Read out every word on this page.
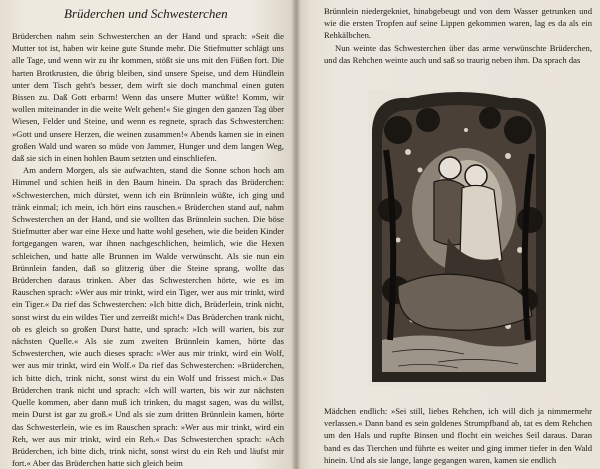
Brüderchen und Schwesterchen

Brüderchen nahm sein Schwesterchen an der Hand und sprach: »Seit die Mutter tot ist, haben wir keine gute Stunde mehr. Die Stiefmutter schlägt uns alle Tage, und wenn wir zu ihr kommen, stößt sie uns mit den Füßen fort. Die harten Brotkrusten, die übrig bleiben, sind unsere Speise, und dem Hündlein unter dem Tisch geht's besser, dem wirft sie doch manchmal einen guten Bissen zu. Daß Gott erbarm! Wenn das unsere Mutter wüßte! Komm, wir wollen miteinander in die weite Welt gehen!« Sie gingen den ganzen Tag über Wiesen, Felder und Steine, und wenn es regnete, sprach das Schwesterchen: »Gott und unsere Herzen, die weinen zusammen!« Abends kamen sie in einen großen Wald und waren so müde von Jammer, Hunger und dem langen Weg, daß sie sich in einen hohlen Baum setzten und einschliefen.

Am andern Morgen, als sie aufwachten, stand die Sonne schon hoch am Himmel und schien heiß in den Baum hinein. Da sprach das Brüderchen: »Schwesterchen, mich dürstet, wenn ich ein Brünnlein wüßte, ich ging und tränk einmal; ich mein, ich hört eins rauschen.« Brüderchen stand auf, nahm Schwesterchen an der Hand, und sie wollten das Brünnlein suchen. Die böse Stiefmutter aber war eine Hexe und hatte wohl gesehen, wie die beiden Kinder fortgegangen waren, war ihnen nachgeschlichen, heimlich, wie die Hexen schleichen, und hatte alle Brunnen im Walde verwünscht. Als sie nun ein Brünnlein fanden, daß so glitzerig über die Steine sprang, wollte das Brüderchen daraus trinken. Aber das Schwesterchen hörte, wie es im Rauschen sprach: »Wer aus mir trinkt, wird ein Tiger, wer aus mir trinkt, wird ein Tiger.« Da rief das Schwesterchen: »Ich bitte dich, Brüderlein, trink nicht, sonst wirst du ein wildes Tier und zerreißt mich!« Das Brüderchen trank nicht, ob es gleich so großen Durst hatte, und sprach: »Ich will warten, bis zur nächsten Quelle.« Als sie zum zweiten Brünnlein kamen, hörte das Schwesterchen, wie auch dieses sprach: »Wer aus mir trinkt, wird ein Wolf, wer aus mir trinkt, wird ein Wolf.« Da rief das Schwesterchen: »Brüderchen, ich bitte dich, trink nicht, sonst wirst du ein Wolf und frissest mich.« Das Brüderchen trank nicht und sprach: »Ich will warten, bis wir zur nächsten Quelle kommen, aber dann muß ich trinken, du magst sagen, was du willst, mein Durst ist gar zu groß.« Und als sie zum dritten Brünnlein kamen, hörte das Schwesterlein, wie es im Rauschen sprach: »Wer aus mir trinkt, wird ein Reh, wer aus mir trinkt, wird ein Reh.« Das Schwesterchen sprach: »Ach Brüderchen, ich bitte dich, trink nicht, sonst wirst du ein Reh und läufst mir fort.« Aber das Brüderchen hatte sich gleich beim

Brünnlein niedergekniet, hinabgebeugt und von dem Wasser getrunken und wie die ersten Tropfen auf seine Lippen gekommen waren, lag es da als ein Rehkälbchen.

Nun weinte das Schwesterchen über das arme verwünschte Brüderchen, und das Rehchen weinte auch und saß so traurig neben ihm. Da sprach das

Mädchen endlich: »Sei still, liebes Rehchen, ich will dich ja nimmermehr verlassen.« Dann band es sein goldenes Strumpfband ab, tat es dem Rehchen um den Hals und rupfte Binsen und flocht ein weiches Seil daraus. Daran band es das Tierchen und führte es weiter und ging immer tiefer in den Wald hinein. Und als sie lange, lange gegangen waren, kamen sie endlich
